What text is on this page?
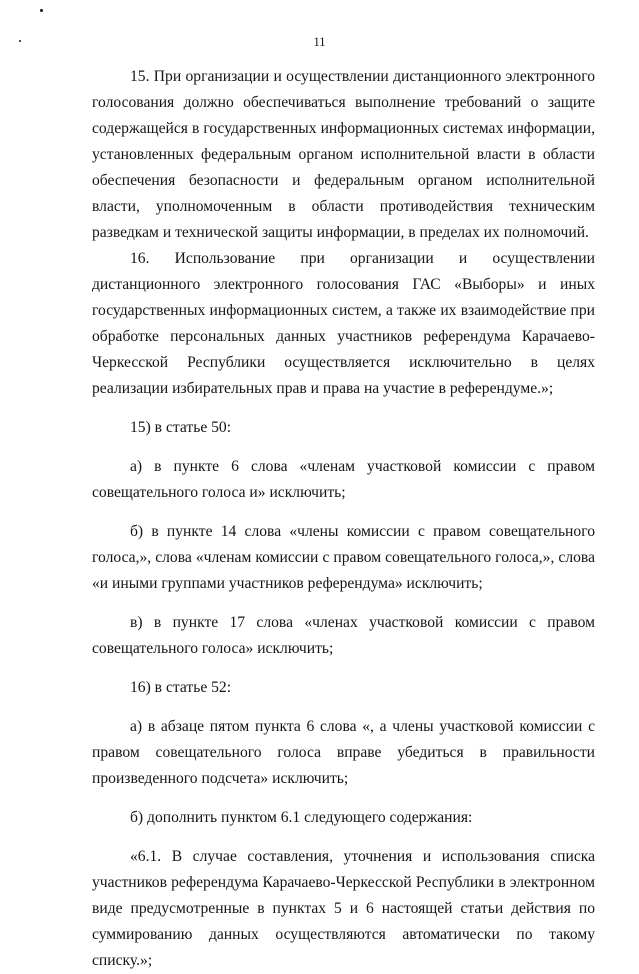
11

15. При организации и осуществлении дистанционного электронного голосования должно обеспечиваться выполнение требований о защите содержащейся в государственных информационных системах информации, установленных федеральным органом исполнительной власти в области обеспечения безопасности и федеральным органом исполнительной власти, уполномоченным в области противодействия техническим разведкам и технической защиты информации, в пределах их полномочий.

16. Использование при организации и осуществлении дистанционного электронного голосования ГАС «Выборы» и иных государственных информационных систем, а также их взаимодействие при обработке персональных данных участников референдума Карачаево-Черкесской Республики осуществляется исключительно в целях реализации избирательных прав и права на участие в референдуме.»;

15) в статье 50:

а) в пункте 6 слова «членам участковой комиссии с правом совещательного голоса и» исключить;

б) в пункте 14 слова «члены комиссии с правом совещательного голоса,», слова «членам комиссии с правом совещательного голоса,», слова «и иными группами участников референдума» исключить;

в) в пункте 17 слова «членах участковой комиссии с правом совещательного голоса» исключить;

16) в статье 52:

а) в абзаце пятом пункта 6 слова «, а члены участковой комиссии с правом совещательного голоса вправе убедиться в правильности произведенного подсчета» исключить;

б) дополнить пунктом 6.1 следующего содержания:

«6.1. В случае составления, уточнения и использования списка участников референдума Карачаево-Черкесской Республики в электронном виде предусмотренные в пунктах 5 и 6 настоящей статьи действия по суммированию данных осуществляются автоматически по такому списку.»;
